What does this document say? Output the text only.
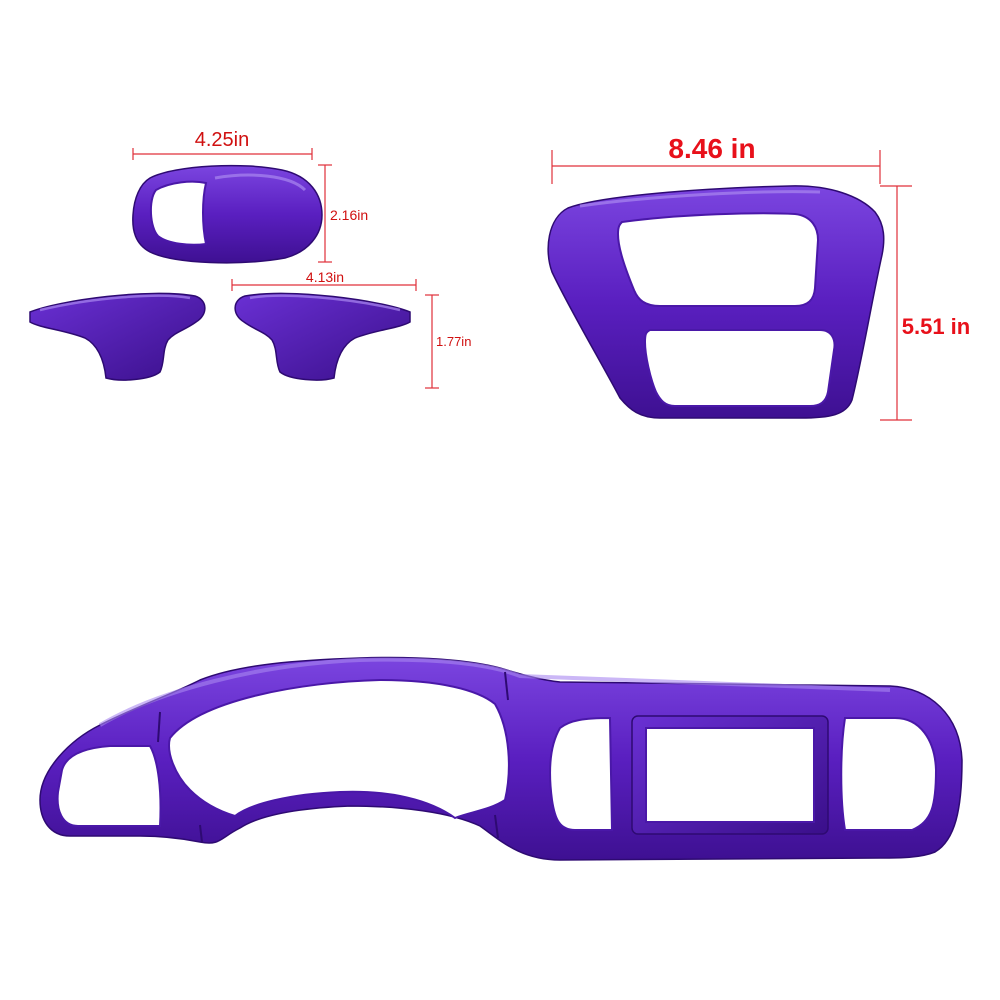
4.25in
2.16in
4.13in
1.77in
8.46 in
5.51 in
